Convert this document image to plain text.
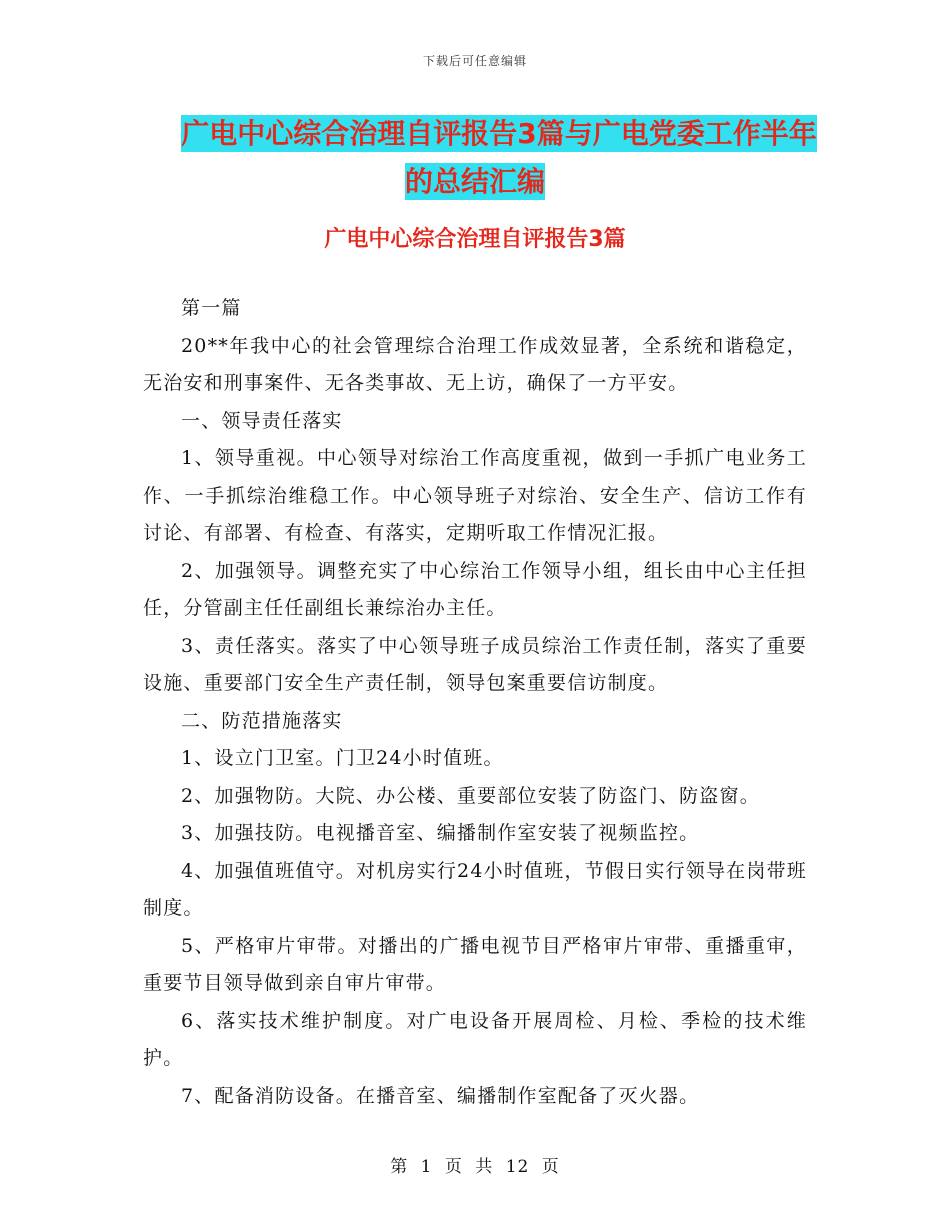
下载后可任意编辑
广电中心综合治理自评报告3篇与广电党委工作半年
的总结汇编
广电中心综合治理自评报告3篇

第一篇

20**年我中心的社会管理综合治理工作成效显著，全系统和谐稳定，无治安和刑事案件、无各类事故、无上访，确保了一方平安。

一、领导责任落实

1、领导重视。中心领导对综治工作高度重视，做到一手抓广电业务工作、一手抓综治维稳工作。中心领导班子对综治、安全生产、信访工作有讨论、有部署、有检查、有落实，定期听取工作情况汇报。

2、加强领导。调整充实了中心综治工作领导小组，组长由中心主任担任，分管副主任任副组长兼综治办主任。

3、责任落实。落实了中心领导班子成员综治工作责任制，落实了重要设施、重要部门安全生产责任制，领导包案重要信访制度。

二、防范措施落实

1、设立门卫室。门卫24小时值班。

2、加强物防。大院、办公楼、重要部位安装了防盗门、防盗窗。

3、加强技防。电视播音室、编播制作室安装了视频监控。

4、加强值班值守。对机房实行24小时值班，节假日实行领导在岗带班制度。

5、严格审片审带。对播出的广播电视节目严格审片审带、重播重审，重要节目领导做到亲自审片审带。

6、落实技术维护制度。对广电设备开展周检、月检、季检的技术维护。

7、配备消防设备。在播音室、编播制作室配备了灭火器。

第 1 页 共 12 页
